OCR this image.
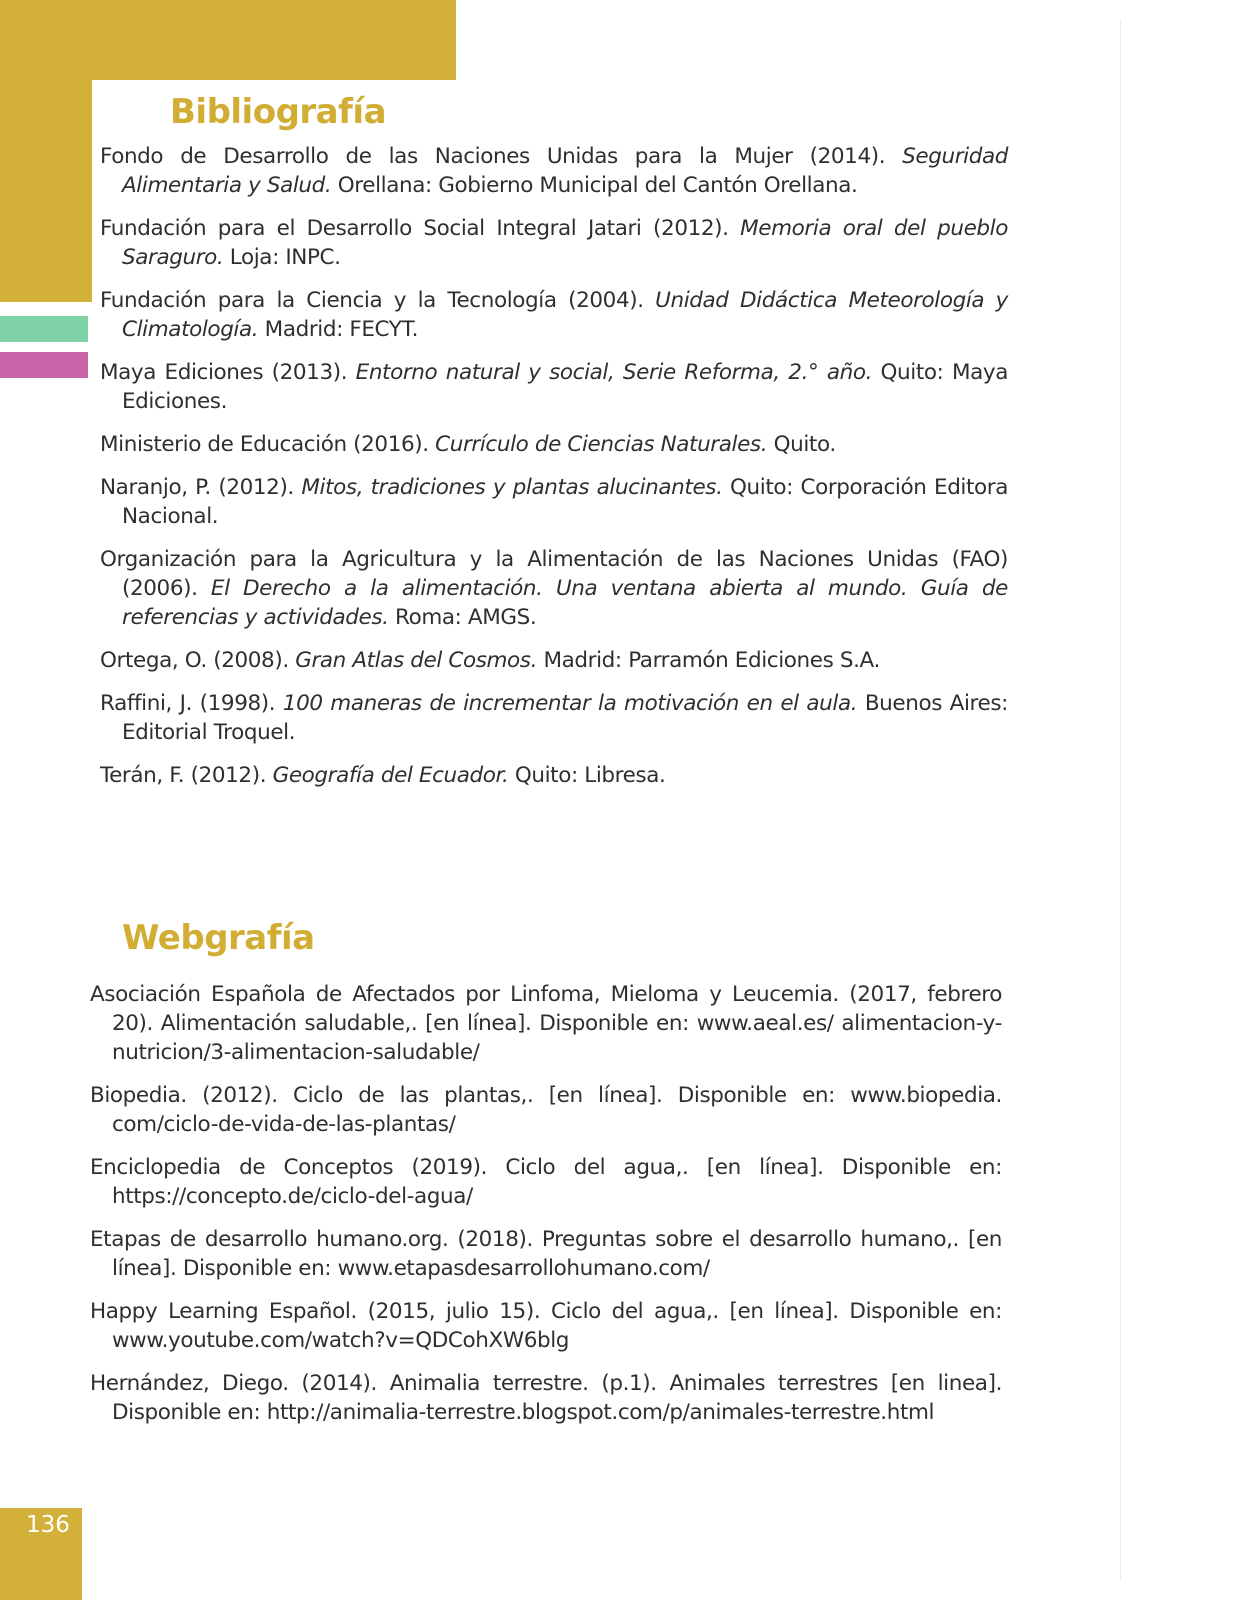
Bibliografía
Fondo de Desarrollo de las Naciones Unidas para la Mujer (2014). Seguridad Alimentaria y Salud. Orellana: Gobierno Municipal del Cantón Orellana.
Fundación para el Desarrollo Social Integral Jatari (2012). Memoria oral del pueblo Saraguro. Loja: INPC.
Fundación para la Ciencia y la Tecnología (2004). Unidad Didáctica Meteorología y Climatología. Madrid: FECYT.
Maya Ediciones (2013). Entorno natural y social, Serie Reforma, 2.° año. Quito: Maya Ediciones.
Ministerio de Educación (2016). Currículo de Ciencias Naturales. Quito.
Naranjo, P. (2012). Mitos, tradiciones y plantas alucinantes. Quito: Corporación Editora Nacional.
Organización para la Agricultura y la Alimentación de las Naciones Unidas (FAO) (2006). El Derecho a la alimentación. Una ventana abierta al mundo. Guía de referencias y actividades. Roma: AMGS.
Ortega, O. (2008). Gran Atlas del Cosmos. Madrid: Parramón Ediciones S.A.
Raffini, J. (1998). 100 maneras de incrementar la motivación en el aula. Buenos Aires: Editorial Troquel.
Terán, F. (2012). Geografía del Ecuador. Quito: Libresa.
Webgrafía
Asociación Española de Afectados por Linfoma, Mieloma y Leucemia. (2017, febrero 20). Alimentación saludable,. [en línea]. Disponible en: www.aeal.es/ alimentacion-y-nutricion/3-alimentacion-saludable/
Biopedia. (2012). Ciclo de las plantas,. [en línea]. Disponible en: www.biopedia. com/ciclo-de-vida-de-las-plantas/
Enciclopedia de Conceptos (2019). Ciclo del agua,. [en línea]. Disponible en: https://concepto.de/ciclo-del-agua/
Etapas de desarrollo humano.org. (2018). Preguntas sobre el desarrollo humano,. [en línea]. Disponible en: www.etapasdesarrollohumano.com/
Happy Learning Español. (2015, julio 15). Ciclo del agua,. [en línea]. Disponible en: www.youtube.com/watch?v=QDCohXW6blg
Hernández, Diego. (2014). Animalia terrestre. (p.1). Animales terrestres [en linea]. Disponible en: http://animalia-terrestre.blogspot.com/p/animales-terrestre.html
136
